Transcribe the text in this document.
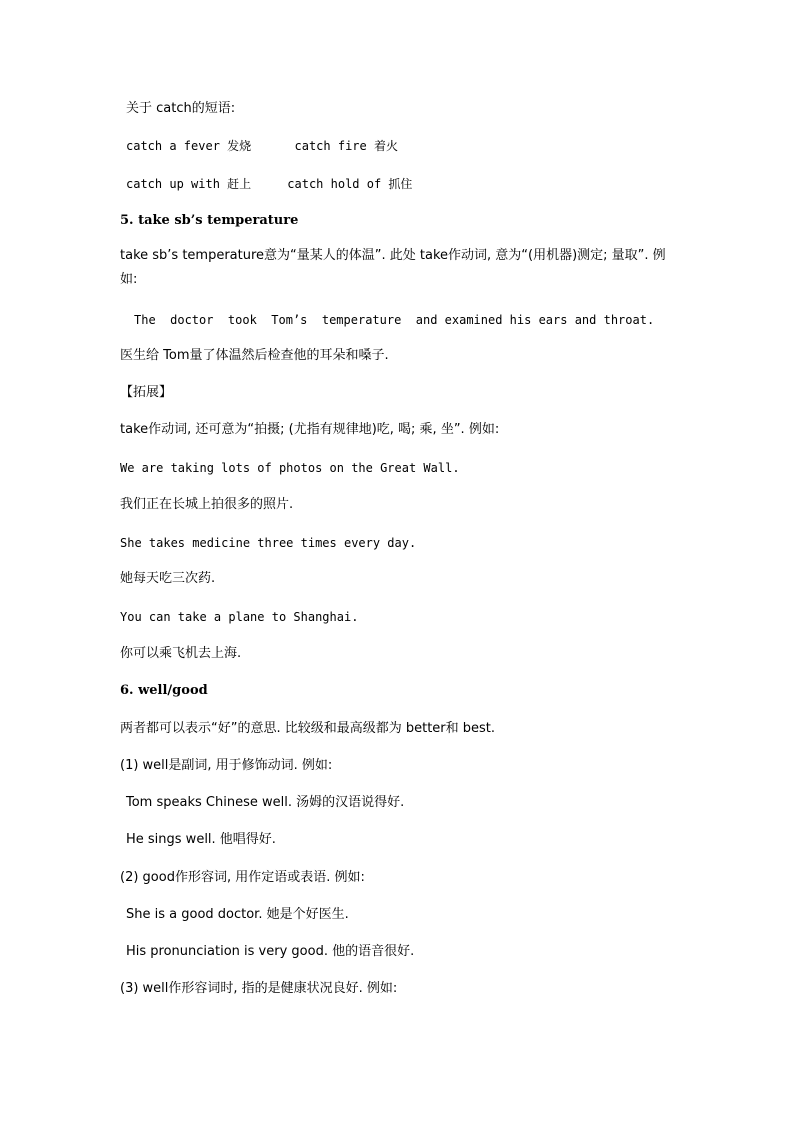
关于 catch的短语:
catch a fever 发烧      catch fire 着火
catch up with 赶上     catch hold of 抓住
5. take sb’s temperature
take sb’s temperature意为“量某人的体温”. 此处 take作动词, 意为“(用机器)测定; 量取”. 例如:
The  doctor  took  Tom’s  temperature  and examined his ears and throat.
医生给 Tom量了体温然后检查他的耳朵和嗓子.
【拓展】
take作动词, 还可意为“拍摄; (尤指有规律地)吃, 喝; 乘, 坐”. 例如:
We are taking lots of photos on the Great Wall.
我们正在长城上拍很多的照片.
She takes medicine three times every day.
她每天吃三次药.
You can take a plane to Shanghai.
你可以乘飞机去上海.
6. well/good
两者都可以表示“好”的意思. 比较级和最高级都为 better和 best.
(1) well是副词, 用于修饰动词. 例如:
Tom speaks Chinese well. 汤姆的汉语说得好.
He sings well. 他唱得好.
(2) good作形容词, 用作定语或表语. 例如:
She is a good doctor. 她是个好医生.
His pronunciation is very good. 他的语音很好.
(3) well作形容词时, 指的是健康状况良好. 例如:
